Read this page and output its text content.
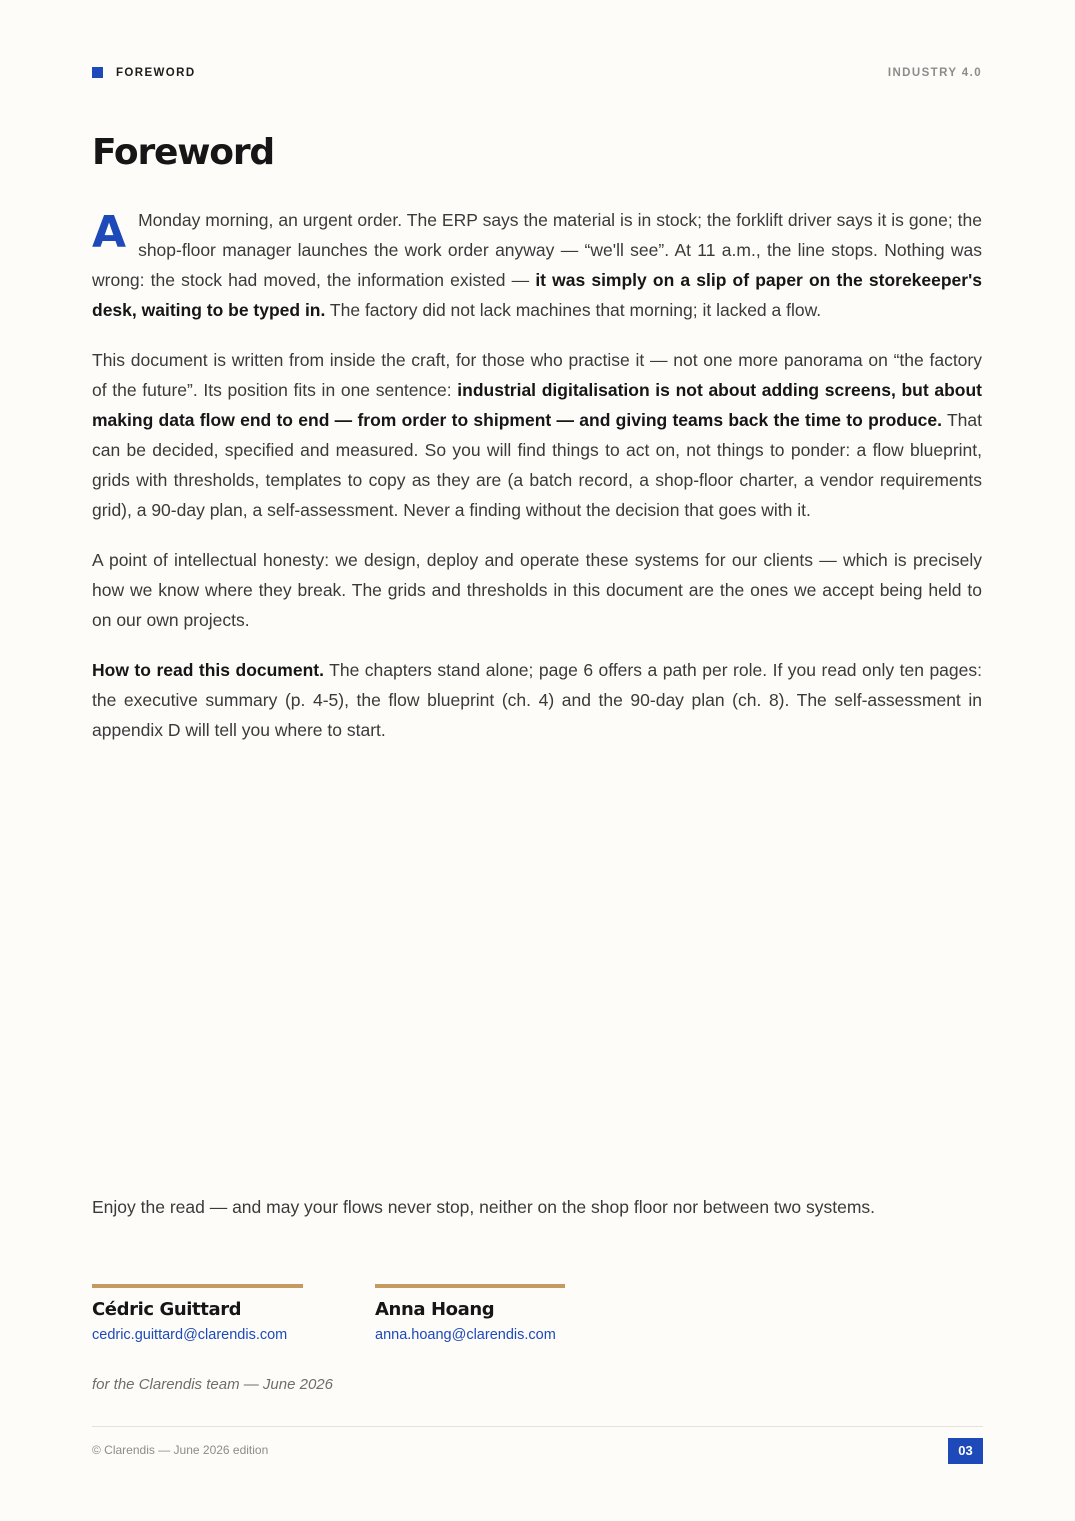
FOREWORD	INDUSTRY 4.0
Foreword

A Monday morning, an urgent order. The ERP says the material is in stock; the forklift driver says it is gone; the shop-floor manager launches the work order anyway — “we'll see”. At 11 a.m., the line stops. Nothing was wrong: the stock had moved, the information existed — it was simply on a slip of paper on the storekeeper's desk, waiting to be typed in. The factory did not lack machines that morning; it lacked a flow.

This document is written from inside the craft, for those who practise it — not one more panorama on “the factory of the future”. Its position fits in one sentence: industrial digitalisation is not about adding screens, but about making data flow end to end — from order to shipment — and giving teams back the time to produce. That can be decided, specified and measured. So you will find things to act on, not things to ponder: a flow blueprint, grids with thresholds, templates to copy as they are (a batch record, a shop-floor charter, a vendor requirements grid), a 90-day plan, a self-assessment. Never a finding without the decision that goes with it.

A point of intellectual honesty: we design, deploy and operate these systems for our clients — which is precisely how we know where they break. The grids and thresholds in this document are the ones we accept being held to on our own projects.

How to read this document. The chapters stand alone; page 6 offers a path per role. If you read only ten pages: the executive summary (p. 4-5), the flow blueprint (ch. 4) and the 90-day plan (ch. 8). The self-assessment in appendix D will tell you where to start.

Enjoy the read — and may your flows never stop, neither on the shop floor nor between two systems.

Cédric Guittard
cedric.guittard@clarendis.com
Anna Hoang
anna.hoang@clarendis.com
for the Clarendis team — June 2026
© Clarendis — June 2026 edition	03
